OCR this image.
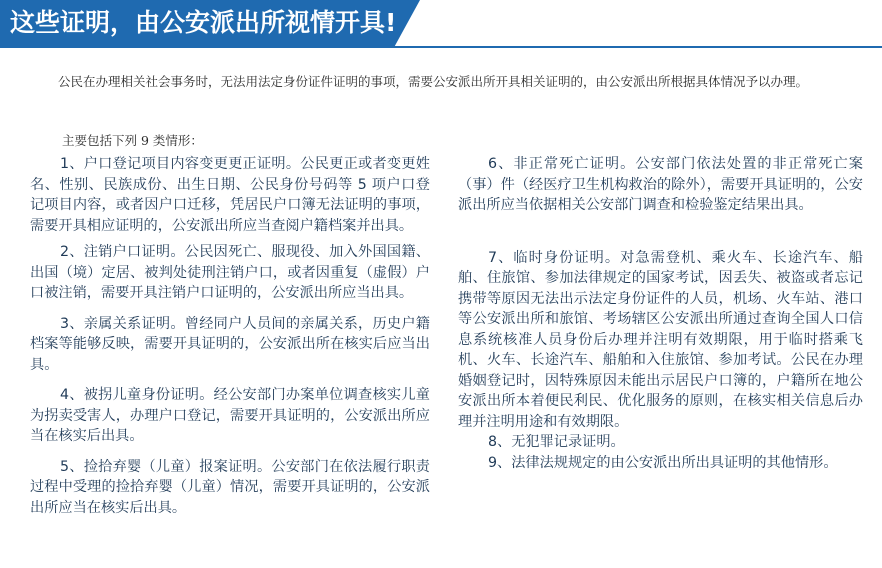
这些证明，由公安派出所视情开具!
公民在办理相关社会事务时，无法用法定身份证件证明的事项，需要公安派出所开具相关证明的，由公安派出所根据具体情况予以办理。
主要包括下列 9 类情形：

1、户口登记项目内容变更更正证明。公民更正或者变更姓名、性别、民族成份、出生日期、公民身份号码等 5 项户口登记项目内容，或者因户口迁移，凭居民户口簿无法证明的事项，需要开具相应证明的，公安派出所应当查阅户籍档案并出具。

2、注销户口证明。公民因死亡、服现役、加入外国国籍、出国（境）定居、被判处徒刑注销户口，或者因重复（虚假）户口被注销，需要开具注销户口证明的，公安派出所应当出具。

3、亲属关系证明。曾经同户人员间的亲属关系，历史户籍档案等能够反映，需要开具证明的，公安派出所在核实后应当出具。

4、被拐儿童身份证明。经公安部门办案单位调查核实儿童为拐卖受害人，办理户口登记，需要开具证明的，公安派出所应当在核实后出具。

5、捡拾弃婴（儿童）报案证明。公安部门在依法履行职责过程中受理的捡拾弃婴（儿童）情况，需要开具证明的，公安派出所应当在核实后出具。

6、非正常死亡证明。公安部门依法处置的非正常死亡案（事）件（经医疗卫生机构救治的除外），需要开具证明的，公安派出所应当依据相关公安部门调查和检验鉴定结果出具。

7、临时身份证明。对急需登机、乘火车、长途汽车、船舶、住旅馆、参加法律规定的国家考试，因丢失、被盗或者忘记携带等原因无法出示法定身份证件的人员，机场、火车站、港口等公安派出所和旅馆、考场辖区公安派出所通过查询全国人口信息系统核准人员身份后办理并注明有效期限，用于临时搭乘飞机、火车、长途汽车、船舶和入住旅馆、参加考试。公民在办理婚姻登记时，因特殊原因未能出示居民户口簿的，户籍所在地公安派出所本着便民利民、优化服务的原则，在核实相关信息后办理并注明用途和有效期限。

8、无犯罪记录证明。

9、法律法规规定的由公安派出所出具证明的其他情形。
